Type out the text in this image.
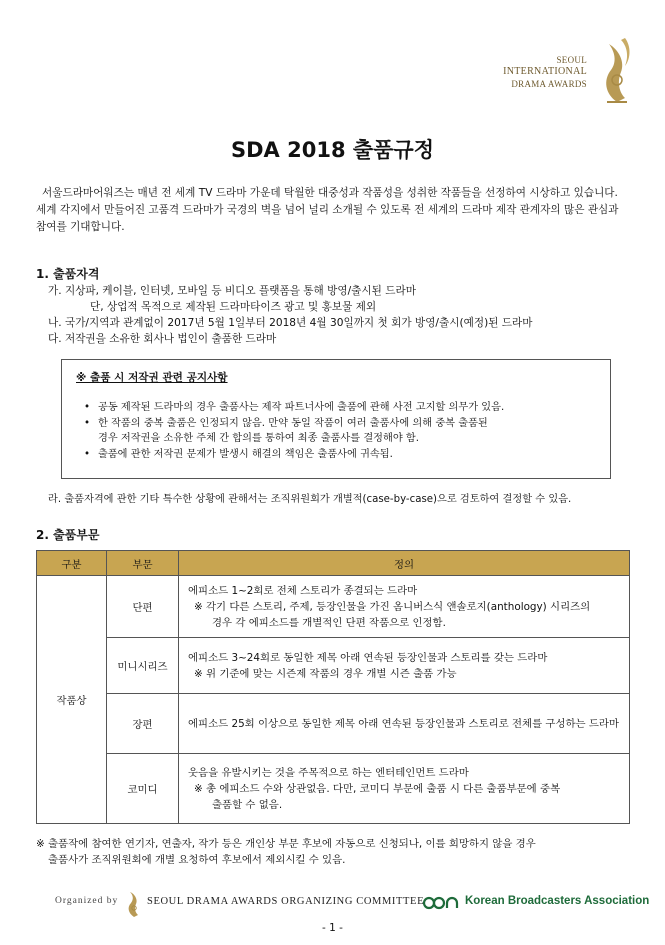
SEOUL
INTERNATIONAL
DRAMA AWARDS
SDA 2018 출품규정

서울드라마어워즈는 매년 전 세계 TV 드라마 가운데 탁월한 대중성과 작품성을 성취한 작품들을 선정하여 시상하고 있습니다. 세계 각지에서 만들어진 고품격 드라마가 국경의 벽을 넘어 널리 소개될 수 있도록 전 세계의 드라마 제작 관계자의 많은 관심과 참여를 기대합니다.

1. 출품자격
가. 지상파, 케이블, 인터넷, 모바일 등 비디오 플랫폼을 통해 방영/출시된 드라마
단, 상업적 목적으로 제작된 드라마타이즈 광고 및 홍보물 제외
나. 국가/지역과 관계없이 2017년 5월 1일부터 2018년 4월 30일까지 첫 회가 방영/출시(예정)된 드라마
다. 저작권을 소유한 회사나 법인이 출품한 드라마
※ 출품 시 저작권 관련 공지사항
• 공동 제작된 드라마의 경우 출품사는 제작 파트너사에 출품에 관해 사전 고지할 의무가 있음.
• 한 작품의 중복 출품은 인정되지 않음. 만약 동일 작품이 여러 출품사에 의해 중복 출품된
경우 저작권을 소유한 주체 간 합의를 통하여 최종 출품사를 결정해야 함.
• 출품에 관한 저작권 문제가 발생시 해결의 책임은 출품사에 귀속됨.
라. 출품자격에 관한 기타 특수한 상황에 관해서는 조직위원회가 개별적(case-by-case)으로 검토하여 결정할 수 있음.
2. 출품부문
구분	부문	정의
작품상	단편	에피소드 1~2회로 전체 스토리가 종결되는 드라마
※ 각기 다른 스토리, 주제, 등장인물을 가진 옴니버스식 앤솔로지(anthology) 시리즈의
경우 각 에피소드를 개별적인 단편 작품으로 인정함.

	미니시리즈	에피소드 3~24회로 동일한 제목 아래 연속된 등장인물과 스토리를 갖는 드라마
※ 위 기준에 맞는 시즌제 작품의 경우 개별 시즌 출품 가능

	장편	에피소드 25회 이상으로 동일한 제목 아래 연속된 등장인물과 스토리로 전체를 구성하는 드라마
	코미디	웃음을 유발시키는 것을 주목적으로 하는 엔터테인먼트 드라마
※ 총 에피소드 수와 상관없음. 다만, 코미디 부문에 출품 시 다른 출품부문에 중복
출품할 수 없음.
※ 출품작에 참여한 연기자, 연출자, 작가 등은 개인상 부문 후보에 자동으로 신청되나, 이를 희망하지 않을 경우
출품사가 조직위원회에 개별 요청하여 후보에서 제외시킬 수 있음.
Organized by	SEOUL DRAMA AWARDS ORGANIZING COMMITTEE	Korean Broadcasters Association
- 1 -
